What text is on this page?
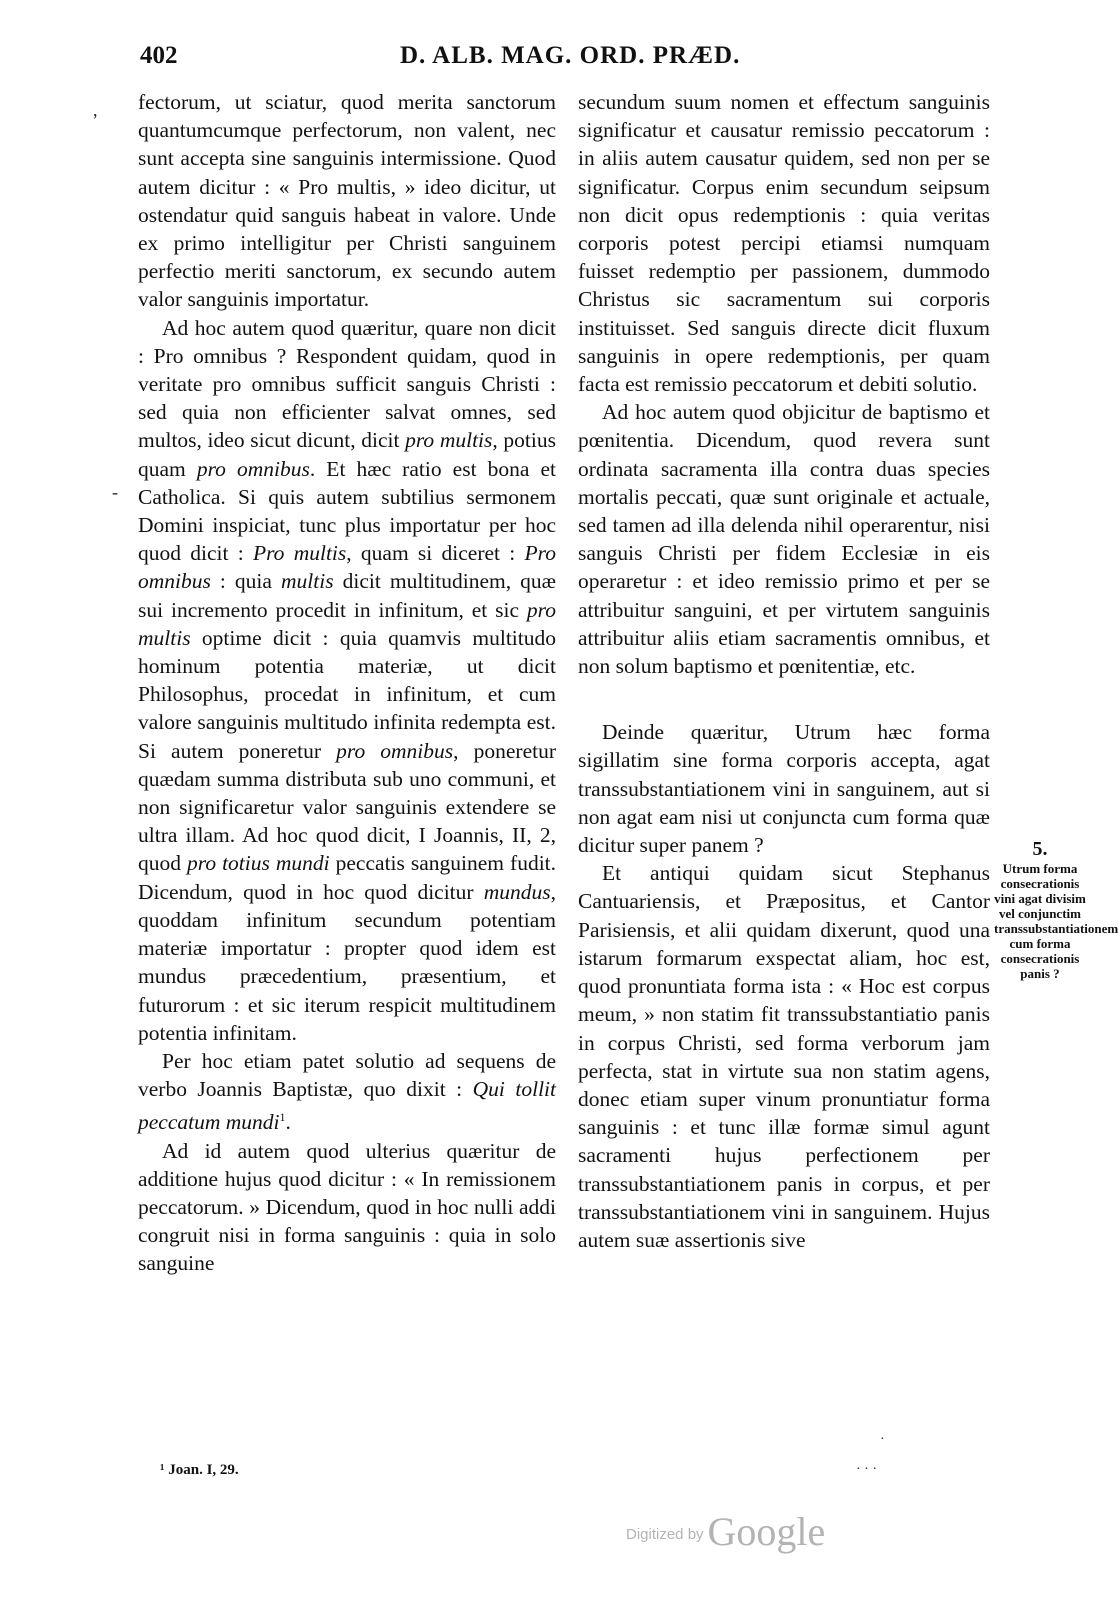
402	D. ALB. MAG. ORD. PRÆD.
,
-

fectorum, ut sciatur, quod merita sanctorum quantumcumque perfectorum, non valent, nec sunt accepta sine sanguinis intermissione. Quod autem dicitur : « Pro multis, » ideo dicitur, ut ostendatur quid sanguis habeat in valore. Unde ex primo intelligitur per Christi sanguinem perfectio meriti sanctorum, ex secundo autem valor sanguinis importatur.

Ad hoc autem quod quæritur, quare non dicit : Pro omnibus ? Respondent quidam, quod in veritate pro omnibus sufficit sanguis Christi : sed quia non efficienter salvat omnes, sed multos, ideo sicut dicunt, dicit pro multis, potius quam pro omnibus. Et hæc ratio est bona et Catholica. Si quis autem subtilius sermonem Domini inspiciat, tunc plus importatur per hoc quod dicit : Pro multis, quam si diceret : Pro omnibus : quia multis dicit multitudinem, quæ sui incremento procedit in infinitum, et sic pro multis optime dicit : quia quamvis multitudo hominum potentia materiæ, ut dicit Philosophus, procedat in infinitum, et cum valore sanguinis multitudo infinita redempta est. Si autem poneretur pro omnibus, poneretur quædam summa distributa sub uno communi, et non significaretur valor sanguinis extendere se ultra illam. Ad hoc quod dicit, I Joannis, II, 2, quod pro totius mundi peccatis sanguinem fudit. Dicendum, quod in hoc quod dicitur mundus, quoddam infinitum secundum potentiam materiæ importatur : propter quod idem est mundus præcedentium, præsentium, et futurorum : et sic iterum respicit multitudinem potentia infinitam.

Per hoc etiam patet solutio ad sequens de verbo Joannis Baptistæ, quo dixit : Qui tollit peccatum mundi$^1$.

Ad id autem quod ulterius quæritur de additione hujus quod dicitur : « In remissionem peccatorum. » Dicendum, quod in hoc nulli addi congruit nisi in forma sanguinis : quia in solo sanguine

secundum suum nomen et effectum sanguinis significatur et causatur remissio peccatorum : in aliis autem causatur quidem, sed non per se significatur. Corpus enim secundum seipsum non dicit opus redemptionis : quia veritas corporis potest percipi etiamsi numquam fuisset redemptio per passionem, dummodo Christus sic sacramentum sui corporis instituisset. Sed sanguis directe dicit fluxum sanguinis in opere redemptionis, per quam facta est remissio peccatorum et debiti solutio.

Ad hoc autem quod objicitur de baptismo et pœnitentia. Dicendum, quod revera sunt ordinata sacramenta illa contra duas species mortalis peccati, quæ sunt originale et actuale, sed tamen ad illa delenda nihil operarentur, nisi sanguis Christi per fidem Ecclesiæ in eis operaretur : et ideo remissio primo et per se attribuitur sanguini, et per virtutem sanguinis attribuitur aliis etiam sacramentis omnibus, et non solum baptismo et pœnitentiæ, etc.

Deinde quæritur, Utrum hæc forma sigillatim sine forma corporis accepta, agat transsubstantiationem vini in sanguinem, aut si non agat eam nisi ut conjuncta cum forma quæ dicitur super panem ?

Et antiqui quidam sicut Stephanus Cantuariensis, et Præpositus, et Cantor Parisiensis, et alii quidam dixerunt, quod una istarum formarum exspectat aliam, hoc est, quod pronuntiata forma ista : « Hoc est corpus meum, » non statim fit transsubstantiatio panis in corpus Christi, sed forma verborum jam perfecta, stat in virtute sua non statim agens, donec etiam super vinum pronuntiatur forma sanguinis : et tunc illæ formæ simul agunt sacramenti hujus perfectionem per transsubstantiationem panis in corpus, et per transsubstantiationem vini in sanguinem. Hujus autem suæ assertionis sive

5.
Utrum forma consecrationis vini agat divisim vel conjunctim transsubstantiationem cum forma consecrationis panis ?
¹ Joan. I, 29.
·
· · ·
Digitized by Google
